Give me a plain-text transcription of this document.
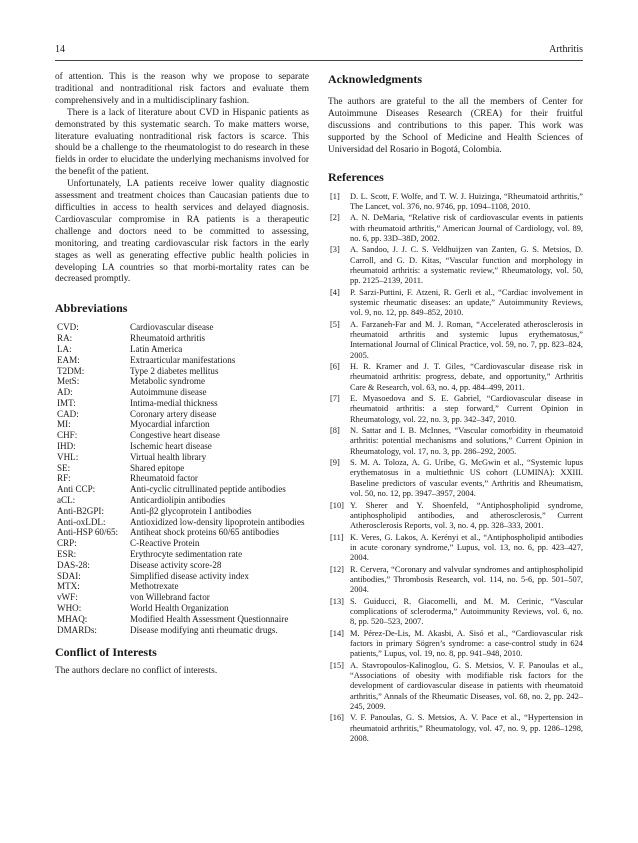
14	Arthritis

of attention. This is the reason why we propose to separate traditional and nontraditional risk factors and evaluate them comprehensively and in a multidisciplinary fashion.

There is a lack of literature about CVD in Hispanic patients as demonstrated by this systematic search. To make matters worse, literature evaluating nontraditional risk factors is scarce. This should be a challenge to the rheumatologist to do research in these fields in order to elucidate the underlying mechanisms involved for the benefit of the patient.

Unfortunately, LA patients receive lower quality diagnostic assessment and treatment choices than Caucasian patients due to difficulties in access to health services and delayed diagnosis. Cardiovascular compromise in RA patients is a therapeutic challenge and doctors need to be committed to assessing, monitoring, and treating cardiovascular risk factors in the early stages as well as generating effective public health policies in developing LA countries so that morbi-mortality rates can be decreased promptly.

Abbreviations
CVD:	Cardiovascular disease
RA:	Rheumatoid arthritis
LA:	Latin America
EAM:	Extraarticular manifestations
T2DM:	Type 2 diabetes mellitus
MetS:	Metabolic syndrome
AD:	Autoimmune disease
IMT:	Intima-medial thickness
CAD:	Coronary artery disease
MI:	Myocardial infarction
CHF:	Congestive heart disease
IHD:	Ischemic heart disease
VHL:	Virtual health library
SE:	Shared epitope
RF:	Rheumatoid factor
Anti CCP:	Anti-cyclic citrullinated peptide antibodies
aCL:	Anticardiolipin antibodies
Anti-B2GPI:	Anti-β2 glycoprotein I antibodies
Anti-oxLDL:	Antioxidized low-density lipoprotein antibodies
Anti-HSP 60/65:	Antiheat shock proteins 60/65 antibodies
CRP:	C-Reactive Protein
ESR:	Erythrocyte sedimentation rate
DAS-28:	Disease activity score-28
SDAI:	Simplified disease activity index
MTX:	Methotrexate
vWF:	von Willebrand factor
WHO:	World Health Organization
MHAQ:	Modified Health Assessment Questionnaire
DMARDs:	Disease modifying anti rheumatic drugs.
Conflict of Interests

The authors declare no conflict of interests.

Acknowledgments

The authors are grateful to the all the members of Center for Autoimmune Diseases Research (CREA) for their fruitful discussions and contributions to this paper. This work was supported by the School of Medicine and Health Sciences of Universidad del Rosario in Bogotá, Colombia.

References
[1] D. L. Scott, F. Wolfe, and T. W. J. Huizinga, “Rheumatoid arthritis,” The Lancet, vol. 376, no. 9746, pp. 1094–1108, 2010.
[2] A. N. DeMaria, “Relative risk of cardiovascular events in patients with rheumatoid arthritis,” American Journal of Cardiology, vol. 89, no. 6, pp. 33D–38D, 2002.
[3] A. Sandoo, J. J. C. S. Veldhuijzen van Zanten, G. S. Metsios, D. Carroll, and G. D. Kitas, “Vascular function and morphology in rheumatoid arthritis: a systematic review,” Rheumatology, vol. 50, pp. 2125–2139, 2011.
[4] P. Sarzi-Puttini, F. Atzeni, R. Gerli et al., “Cardiac involvement in systemic rheumatic diseases: an update,” Autoimmunity Reviews, vol. 9, no. 12, pp. 849–852, 2010.
[5] A. Farzaneh-Far and M. J. Roman, “Accelerated atherosclerosis in rheumatoid arthritis and systemic lupus erythematosus,” International Journal of Clinical Practice, vol. 59, no. 7, pp. 823–824, 2005.
[6] H. R. Kramer and J. T. Giles, “Cardiovascular disease risk in rheumatoid arthritis: progress, debate, and opportunity,” Arthritis Care & Research, vol. 63, no. 4, pp. 484–499, 2011.
[7] E. Myasoedova and S. E. Gabriel, “Cardiovascular disease in rheumatoid arthritis: a step forward,” Current Opinion in Rheumatology, vol. 22, no. 3, pp. 342–347, 2010.
[8] N. Sattar and I. B. McInnes, “Vascular comorbidity in rheumatoid arthritis: potential mechanisms and solutions,” Current Opinion in Rheumatology, vol. 17, no. 3, pp. 286–292, 2005.
[9] S. M. A. Toloza, A. G. Uribe, G. McGwin et al., “Systemic lupus erythematosus in a multiethnic US cohort (LUMINA): XXIII. Baseline predictors of vascular events,” Arthritis and Rheumatism, vol. 50, no. 12, pp. 3947–3957, 2004.
[10] Y. Sherer and Y. Shoenfeld, “Antiphospholipid syndrome, antiphospholipid antibodies, and atherosclerosis,” Current Atherosclerosis Reports, vol. 3, no. 4, pp. 328–333, 2001.
[11] K. Veres, G. Lakos, A. Kerényi et al., “Antiphospholipid antibodies in acute coronary syndrome,” Lupus, vol. 13, no. 6, pp. 423–427, 2004.
[12] R. Cervera, “Coronary and valvular syndromes and antiphospholipid antibodies,” Thrombosis Research, vol. 114, no. 5-6, pp. 501–507, 2004.
[13] S. Guiducci, R. Giacomelli, and M. M. Cerinic, “Vascular complications of scleroderma,” Autoimmunity Reviews, vol. 6, no. 8, pp. 520–523, 2007.
[14] M. Pérez-De-Lis, M. Akasbi, A. Sisó et al., “Cardiovascular risk factors in primary Sögren’s syndrome: a case-control study in 624 patients,” Lupus, vol. 19, no. 8, pp. 941–948, 2010.
[15] A. Stavropoulos-Kalinoglou, G. S. Metsios, V. F. Panoulas et al., “Associations of obesity with modifiable risk factors for the development of cardiovascular disease in patients with rheumatoid arthritis,” Annals of the Rheumatic Diseases, vol. 68, no. 2, pp. 242–245, 2009.
[16] V. F. Panoulas, G. S. Metsios, A. V. Pace et al., “Hypertension in rheumatoid arthritis,” Rheumatology, vol. 47, no. 9, pp. 1286–1298, 2008.
